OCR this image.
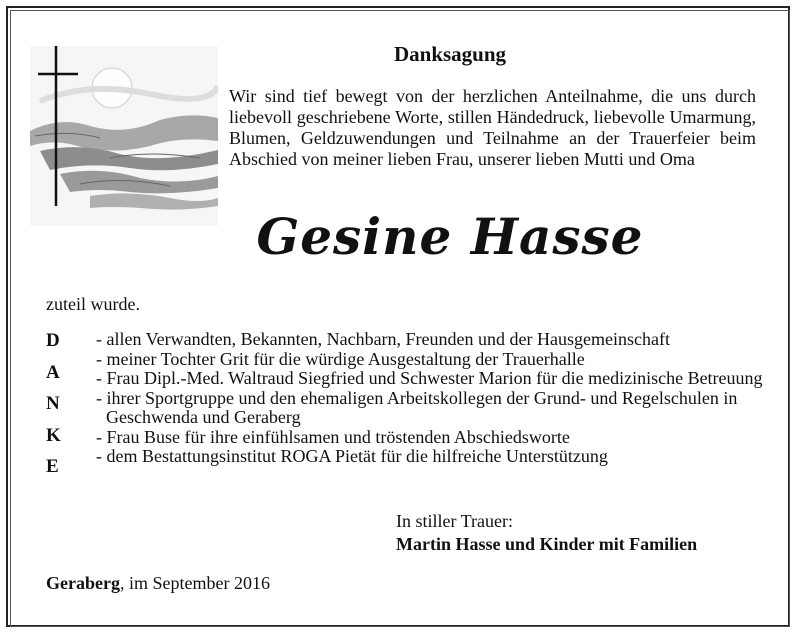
Danksagung

Wir sind tief bewegt von der herzlichen Anteilnahme, die uns durch liebevoll geschriebene Worte, stillen Händedruck, liebevolle Umarmung, Blumen, Geldzuwendungen und Teilnahme an der Trauerfeier beim Abschied von meiner lieben Frau, unserer lieben Mutti und Oma

Gesine Hasse
zuteil wurde.
D
A
N
K
E
- allen Verwandten, Bekannten, Nachbarn, Freunden und der Hausgemeinschaft
- meiner Tochter Grit für die würdige Ausgestaltung der Trauerhalle
- Frau Dipl.-Med. Waltraud Siegfried und Schwester Marion für die medizinische Betreuung
- ihrer Sportgruppe und den ehemaligen Arbeitskollegen der Grund- und Regelschulen in Geschwenda und Geraberg
- Frau Buse für ihre einfühlsamen und tröstenden Abschiedsworte
- dem Bestattungsinstitut ROGA Pietät für die hilfreiche Unterstützung
In stiller Trauer:
Martin Hasse und Kinder mit Familien
Geraberg, im September 2016
